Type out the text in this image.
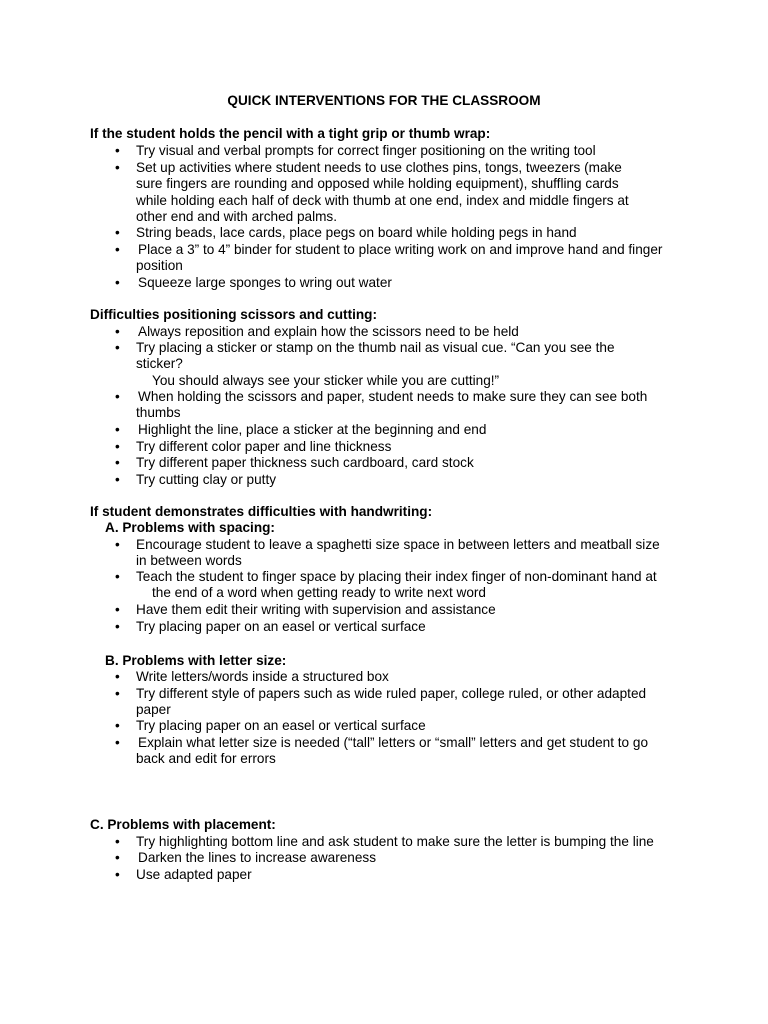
QUICK INTERVENTIONS FOR THE CLASSROOM
If the student holds the pencil with a tight grip or thumb wrap:
• Try visual and verbal prompts for correct finger positioning on the writing tool
• Set up activities where student needs to use clothes pins, tongs, tweezers (make
sure fingers are rounding and opposed while holding equipment), shuffling cards
while holding each half of deck with thumb at one end, index and middle fingers at
other end and with arched palms.
• String beads, lace cards, place pegs on board while holding pegs in hand
• Place a 3” to 4” binder for student to place writing work on and improve hand and finger
position
• Squeeze large sponges to wring out water
Difficulties positioning scissors and cutting:
• Always reposition and explain how the scissors need to be held
• Try placing a sticker or stamp on the thumb nail as visual cue. “Can you see the
sticker?
You should always see your sticker while you are cutting!”
• When holding the scissors and paper, student needs to make sure they can see both
thumbs
• Highlight the line, place a sticker at the beginning and end
• Try different color paper and line thickness
• Try different paper thickness such cardboard, card stock
• Try cutting clay or putty
If student demonstrates difficulties with handwriting:
A. Problems with spacing:
• Encourage student to leave a spaghetti size space in between letters and meatball size
in between words
• Teach the student to finger space by placing their index finger of non-dominant hand at
the end of a word when getting ready to write next word
• Have them edit their writing with supervision and assistance
• Try placing paper on an easel or vertical surface
B. Problems with letter size:
• Write letters/words inside a structured box
• Try different style of papers such as wide ruled paper, college ruled, or other adapted
paper
• Try placing paper on an easel or vertical surface
• Explain what letter size is needed (“tall” letters or “small” letters and get student to go
back and edit for errors
C. Problems with placement:
• Try highlighting bottom line and ask student to make sure the letter is bumping the line
• Darken the lines to increase awareness
• Use adapted paper
